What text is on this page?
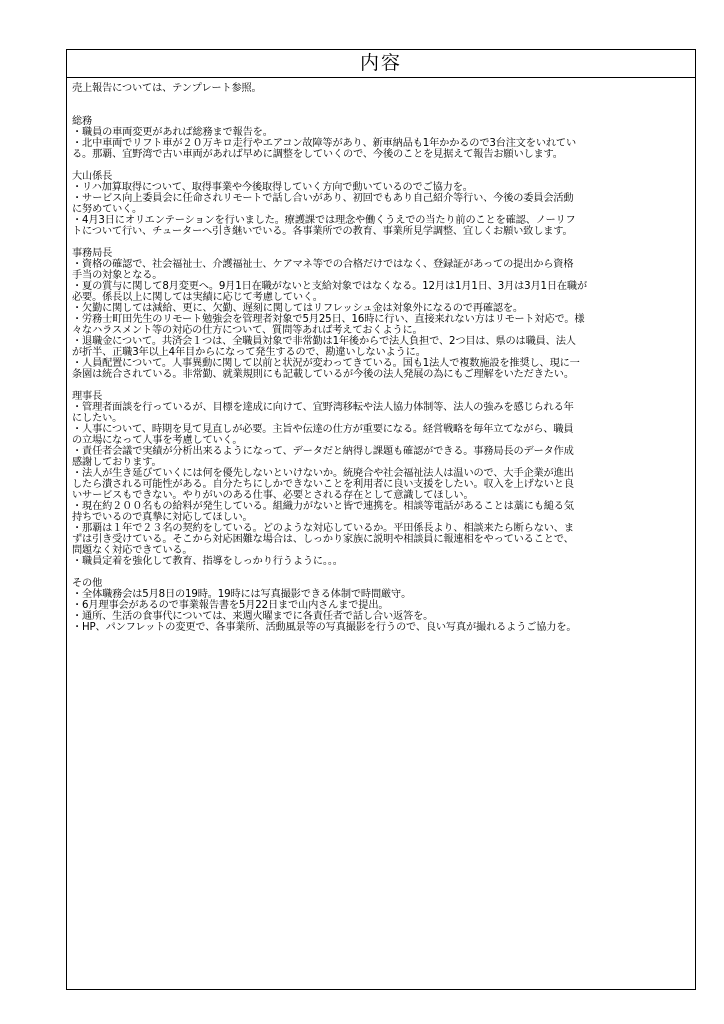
内容
売上報告については、テンプレート参照。
総務
・職員の車両変更があれば総務まで報告を。
・北中車両でリフト車が２０万キロ走行やエアコン故障等があり、新車納品も1年かかるので3台注文をいれてい
る。那覇、宜野湾で古い車両があれば早めに調整をしていくので、今後のことを見据えて報告お願いします。
大山係長
・リハ加算取得について、取得事業や今後取得していく方向で動いているのでご協力を。
・サービス向上委員会に任命されリモートで話し合いがあり、初回でもあり自己紹介等行い、今後の委員会活動
に努めていく。
・4月3日にオリエンテーションを行いました。療護課では理念や働くうえでの当たり前のことを確認、ノーリフ
トについて行い、チューターへ引き継いでいる。各事業所での教育、事業所見学調整、宜しくお願い致します。
事務局長
・資格の確認で、社会福祉士、介護福祉士、ケアマネ等での合格だけではなく、登録証があっての提出から資格
手当の対象となる。
・夏の賞与に関して8月変更へ。9月1日在職がないと支給対象ではなくなる。12月は1月1日、3月は3月1日在職が
必要。係長以上に関しては実績に応じて考慮していく。
・欠勤に関しては減給、更に、欠勤、遅刻に関してはリフレッシュ金は対象外になるので再確認を。
・労務士町田先生のリモート勉強会を管理者対象で5月25日、16時に行い、直接来れない方はリモート対応で。様
々なハラスメント等の対応の仕方について、質問等あれば考えておくように。
・退職金について。共済会１つは、全職員対象で非常勤は1年後からで法人負担で、2つ目は、県のは職員、法人
が折半、正職3年以上4年目からになって発生するので、勘違いしないように。
・人員配置について。人事異動に関して以前と状況が変わってきている。国も1法人で複数施設を推奨し、現に一
条園は統合されている。非常勤、就業規則にも記載しているが今後の法人発展の為にもご理解をいただきたい。
理事長
・管理者面談を行っているが、目標を達成に向けて、宜野湾移転や法人協力体制等、法人の強みを感じられる年
にしたい。
・人事について、時期を見て見直しが必要。主旨や伝達の仕方が重要になる。経営戦略を毎年立てながら、職員
の立場になって人事を考慮していく。
・責任者会議で実績が分析出来るようになって、データだと納得し課題も確認ができる。事務局長のデータ作成
感謝しております。
・法人が生き延びていくには何を優先しないといけないか。統廃合や社会福祉法人は温いので、大手企業が進出
したら潰される可能性がある。自分たちにしかできないことを利用者に良い支援をしたい。収入を上げないと良
いサービスもできない。やりがいのある仕事、必要とされる存在として意識してほしい。
・現在約２００名もの給料が発生している。組織力がないと皆で連携を。相談等電話があることは藁にも縋る気
持ちでいるので真摯に対応してほしい。
・那覇は１年で２３名の契約をしている。どのような対応しているか。平田係長より、相談来たら断らない、ま
ずは引き受けている。そこから対応困難な場合は、しっかり家族に説明や相談員に報連相をやっていることで、
問題なく対応できている。
・職員定着を強化して教育、指導をしっかり行うように。。。
その他
・全体職務会は5月8日の19時。19時には写真撮影できる体制で時間厳守。
・6月理事会があるので事業報告書を5月22日まで山内さんまで提出。
・通所、生活の食事代については、来週火曜までに各責任者で話し合い返答を。
・HP、パンフレットの変更で、各事業所、活動風景等の写真撮影を行うので、良い写真が撮れるようご協力を。
